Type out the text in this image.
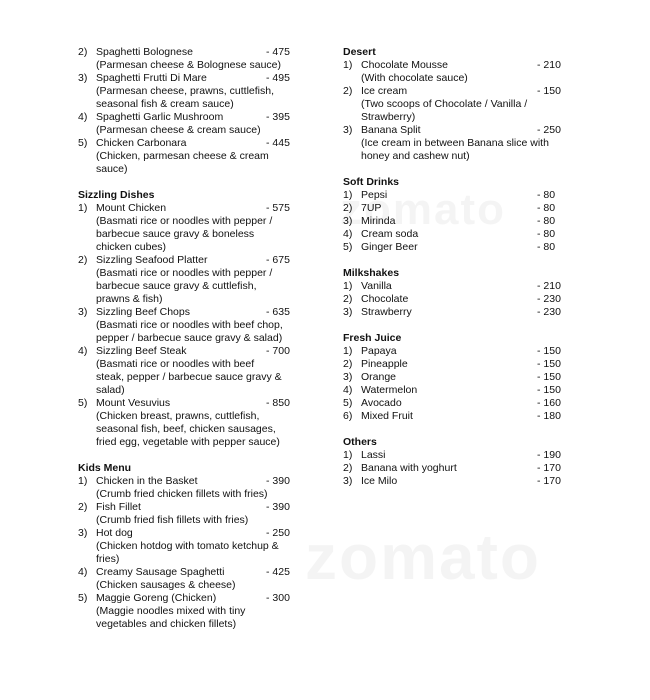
2) Spaghetti Bolognese	- 475
(Parmesan cheese & Bolognese sauce)
3) Spaghetti Frutti Di Mare	- 495
(Parmesan cheese, prawns, cuttlefish,
seasonal fish & cream sauce)
4) Spaghetti Garlic Mushroom	- 395
(Parmesan cheese & cream sauce)
5) Chicken Carbonara	- 445
(Chicken, parmesan cheese & cream
sauce)
Sizzling Dishes
1) Mount Chicken	- 575
(Basmati rice or noodles with pepper /
barbecue sauce gravy & boneless
chicken cubes)
2) Sizzling Seafood Platter	- 675
(Basmati rice or noodles with pepper /
barbecue sauce gravy & cuttlefish,
prawns & fish)
3) Sizzling Beef Chops	- 635
(Basmati rice or noodles with beef chop,
pepper / barbecue sauce gravy & salad)
4) Sizzling Beef Steak	- 700
(Basmati rice or noodles with beef
steak, pepper / barbecue sauce gravy &
salad)
5) Mount Vesuvius	- 850
(Chicken breast, prawns, cuttlefish,
seasonal fish, beef, chicken sausages,
fried egg, vegetable with pepper sauce)
Kids Menu
1) Chicken in the Basket	- 390
(Crumb fried chicken fillets with fries)
2) Fish Fillet	- 390
(Crumb fried fish fillets with fries)
3) Hot dog	- 250
(Chicken hotdog with tomato ketchup &
fries)
4) Creamy Sausage Spaghetti	- 425
(Chicken sausages & cheese)
5) Maggie Goreng (Chicken)	- 300
(Maggie noodles mixed with tiny
vegetables and chicken fillets)
Desert
1) Chocolate Mousse	- 210
(With chocolate sauce)
2) Ice cream	- 150
(Two scoops of Chocolate / Vanilla /
Strawberry)
3) Banana Split	- 250
(Ice cream in between Banana slice with
honey and cashew nut)
Soft Drinks
1) Pepsi	- 80
2) 7UP	- 80
3) Mirinda	- 80
4) Cream soda	- 80
5) Ginger Beer	- 80
Milkshakes
1) Vanilla	- 210
2) Chocolate	- 230
3) Strawberry	- 230
Fresh Juice
1) Papaya	- 150
2) Pineapple	- 150
3) Orange	- 150
4) Watermelon	- 150
5) Avocado	- 160
6) Mixed Fruit	- 180
Others
1) Lassi	- 190
2) Banana with yoghurt	- 170
3) Ice Milo	- 170
